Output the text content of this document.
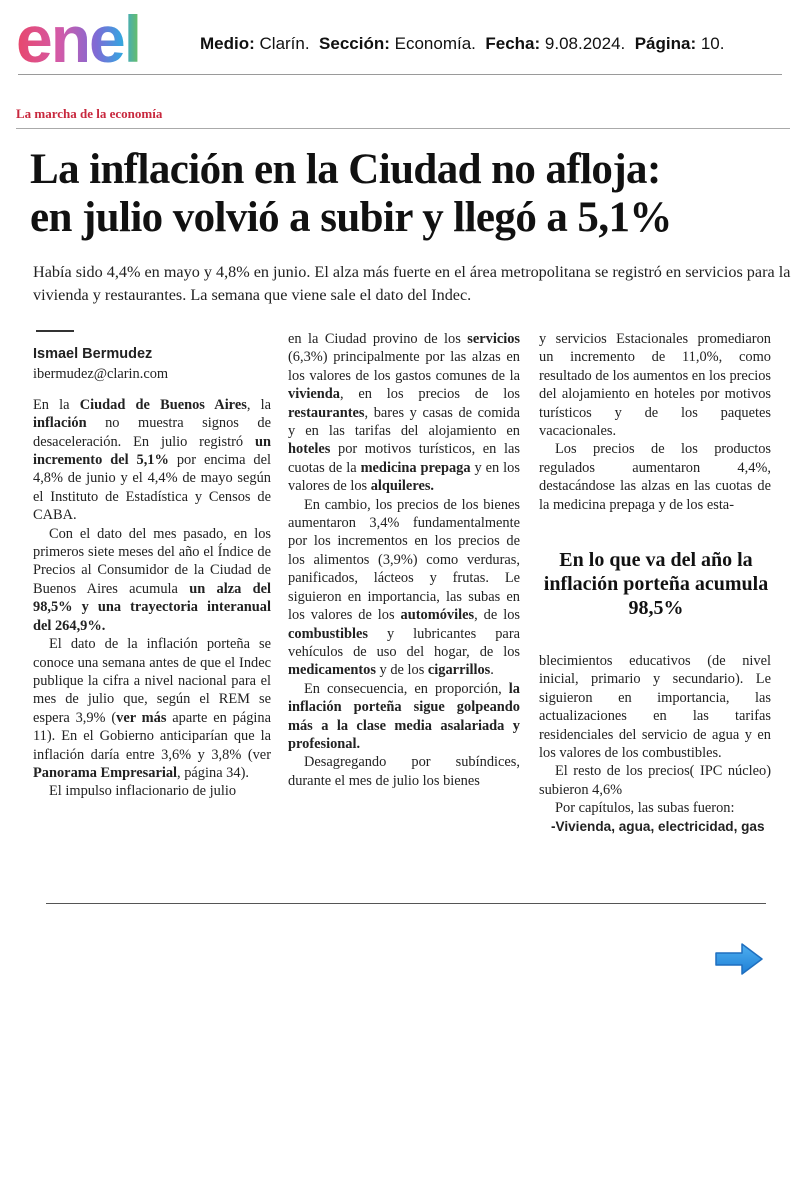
enel	Medio: Clarín. Sección: Economía. Fecha: 9.08.2024. Página: 10.
La marcha de la economía
La inflación en la Ciudad no afloja:
en julio volvió a subir y llegó a 5,1%
Había sido 4,4% en mayo y 4,8% en junio. El alza más fuerte en el área metropolitana se registró en servicios para la vivienda y restaurantes. La semana que viene sale el dato del Indec.
Ismael Bermudez
ibermudez@clarin.com

En la Ciudad de Buenos Aires, la inflación no muestra signos de desaceleración. En julio registró un incremento del 5,1% por encima del 4,8% de junio y el 4,4% de mayo según el Instituto de Estadística y Censos de CABA.

Con el dato del mes pasado, en los primeros siete meses del año el Índice de Precios al Consumidor de la Ciudad de Buenos Aires acumula un alza del 98,5% y una trayectoria interanual del 264,9%.

El dato de la inflación porteña se conoce una semana antes de que el Indec publique la cifra a nivel nacional para el mes de julio que, según el REM se espera 3,9% (ver más aparte en página 11). En el Gobierno anticiparían que la inflación daría entre 3,6% y 3,8% (ver Panorama Empresarial, página 34).

El impulso inflacionario de julio

en la Ciudad provino de los servicios (6,3%) principalmente por las alzas en los valores de los gastos comunes de la vivienda, en los precios de los restaurantes, bares y casas de comida y en las tarifas del alojamiento en hoteles por motivos turísticos, en las cuotas de la medicina prepaga y en los valores de los alquileres.

En cambio, los precios de los bienes aumentaron 3,4% fundamentalmente por los incrementos en los precios de los alimentos (3,9%) como verduras, panificados, lácteos y frutas. Le siguieron en importancia, las subas en los valores de los automóviles, de los combustibles y lubricantes para vehículos de uso del hogar, de los medicamentos y de los cigarrillos.

En consecuencia, en proporción, la inflación porteña sigue golpeando más a la clase media asalariada y profesional.

Desagregando por subíndices, durante el mes de julio los bienes

y servicios Estacionales promediaron un incremento de 11,0%, como resultado de los aumentos en los precios del alojamiento en hoteles por motivos turísticos y de los paquetes vacacionales.

Los precios de los productos regulados aumentaron 4,4%, destacándose las alzas en las cuotas de la medicina prepaga y de los esta-

En lo que va del año la inflación porteña acumula 98,5%

blecimientos educativos (de nivel inicial, primario y secundario). Le siguieron en importancia, las actualizaciones en las tarifas residenciales del servicio de agua y en los valores de los combustibles.

El resto de los precios( IPC núcleo) subieron 4,6%

Por capítulos, las subas fueron:

-Vivienda, agua, electricidad, gas
